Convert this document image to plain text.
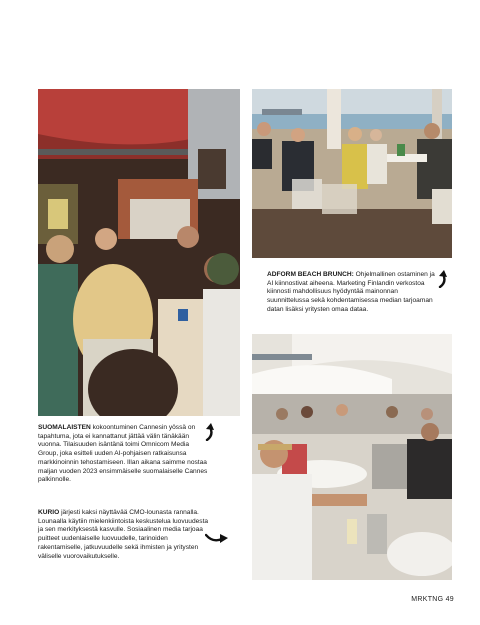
ADFORM BEACH BRUNCH: Ohjelmallinen ostaminen ja AI kiinnostivat aiheena. Marketing Finlandin verkostoa kiinnosti mahdollisuus hyödyntää mainonnan suunnittelussa sekä kohdentamisessa median tarjoaman datan lisäksi yritysten omaa dataa.
SUOMALAISTEN kokoontuminen Cannesin yössä on tapahtuma, jota ei kannattanut jättää välin tänäkään vuonna. Tilaisuuden isäntänä toimi Omnicom Media Group, joka esitteli uuden AI-pohjaisen ratkaisunsa markkinoinnin tehostamiseen. Illan aikana saimme nostaa maljan vuoden 2023 ensimmäiselle suomalaiselle Cannes palkinnolle.
KURIO järjesti kaksi näyttävää CMO-lounasta rannalla. Lounaalla käytiin mielenkiintoista keskustelua luovuudesta ja sen merkityksestä kasvulle. Sosiaalinen media tarjoaa puitteet uudenlaiselle luovuudelle, tarinoiden rakentamiselle, jatkuvuudelle sekä ihmisten ja yritysten väliselle vuorovaikutukselle.
MRKTNG 49
